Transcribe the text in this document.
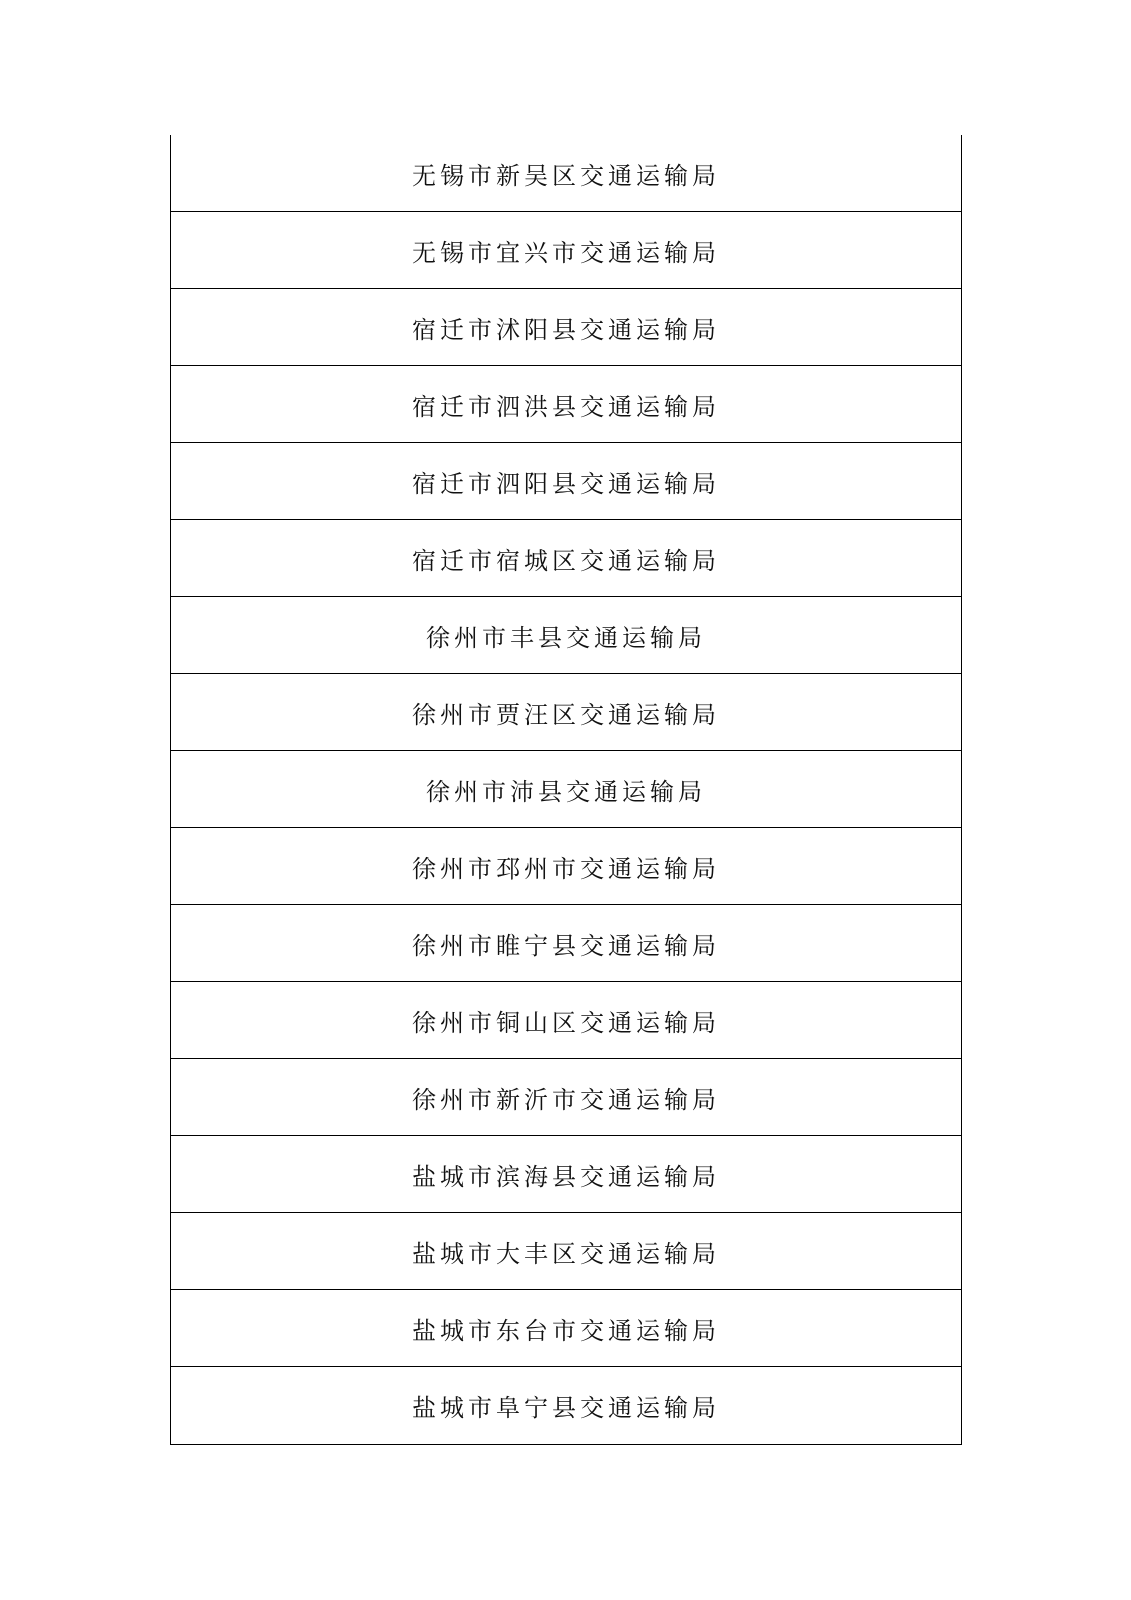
无锡市新吴区交通运输局
无锡市宜兴市交通运输局
宿迁市沭阳县交通运输局
宿迁市泗洪县交通运输局
宿迁市泗阳县交通运输局
宿迁市宿城区交通运输局
徐州市丰县交通运输局
徐州市贾汪区交通运输局
徐州市沛县交通运输局
徐州市邳州市交通运输局
徐州市睢宁县交通运输局
徐州市铜山区交通运输局
徐州市新沂市交通运输局
盐城市滨海县交通运输局
盐城市大丰区交通运输局
盐城市东台市交通运输局
盐城市阜宁县交通运输局
